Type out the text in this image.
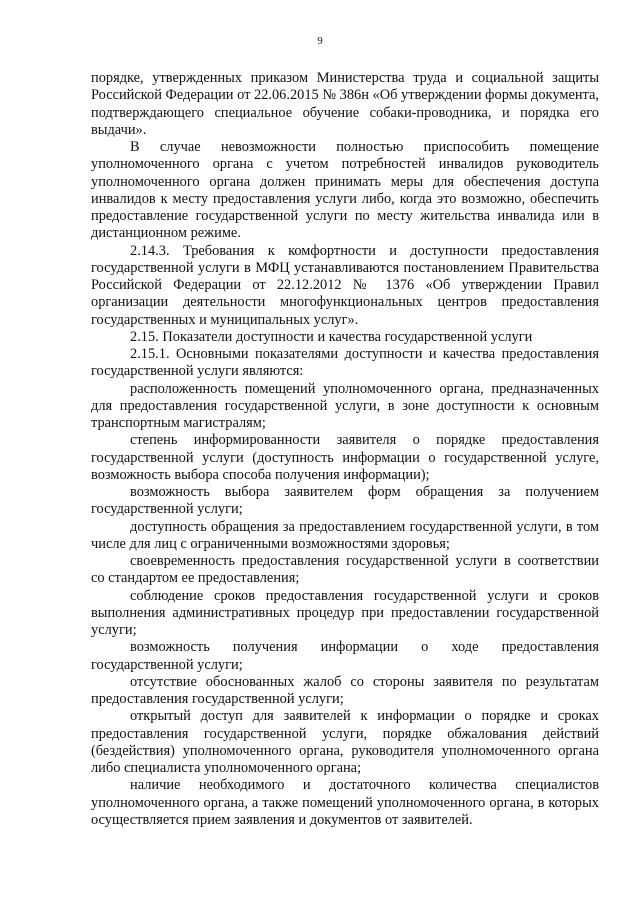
9

порядке, утвержденных приказом Министерства труда и социальной защиты Российской Федерации от 22.06.2015 № 386н «Об утверждении формы документа, подтверждающего специальное обучение собаки-проводника, и порядка его выдачи».

В случае невозможности полностью приспособить помещение уполномоченного органа с учетом потребностей инвалидов руководитель уполномоченного органа должен принимать меры для обеспечения доступа инвалидов к месту предоставления услуги либо, когда это возможно, обеспечить предоставление государственной услуги по месту жительства инвалида или в дистанционном режиме.

2.14.3. Требования к комфортности и доступности предоставления государственной услуги в МФЦ устанавливаются постановлением Правительства Российской Федерации от 22.12.2012 № 1376 «Об утверждении Правил организации деятельности многофункциональных центров предоставления государственных и муниципальных услуг».

2.15. Показатели доступности и качества государственной услуги

2.15.1. Основными показателями доступности и качества предоставления государственной услуги являются:

расположенность помещений уполномоченного органа, предназначенных для предоставления государственной услуги, в зоне доступности к основным транспортным магистралям;

степень информированности заявителя о порядке предоставления государственной услуги (доступность информации о государственной услуге, возможность выбора способа получения информации);

возможность выбора заявителем форм обращения за получением государственной услуги;

доступность обращения за предоставлением государственной услуги, в том числе для лиц с ограниченными возможностями здоровья;

своевременность предоставления государственной услуги в соответствии со стандартом ее предоставления;

соблюдение сроков предоставления государственной услуги и сроков выполнения административных процедур при предоставлении государственной услуги;

возможность получения информации о ходе предоставления государственной услуги;

отсутствие обоснованных жалоб со стороны заявителя по результатам предоставления государственной услуги;

открытый доступ для заявителей к информации о порядке и сроках предоставления государственной услуги, порядке обжалования действий (бездействия) уполномоченного органа, руководителя уполномоченного органа либо специалиста уполномоченного органа;

наличие необходимого и достаточного количества специалистов уполномоченного органа, а также помещений уполномоченного органа, в которых осуществляется прием заявления и документов от заявителей.
